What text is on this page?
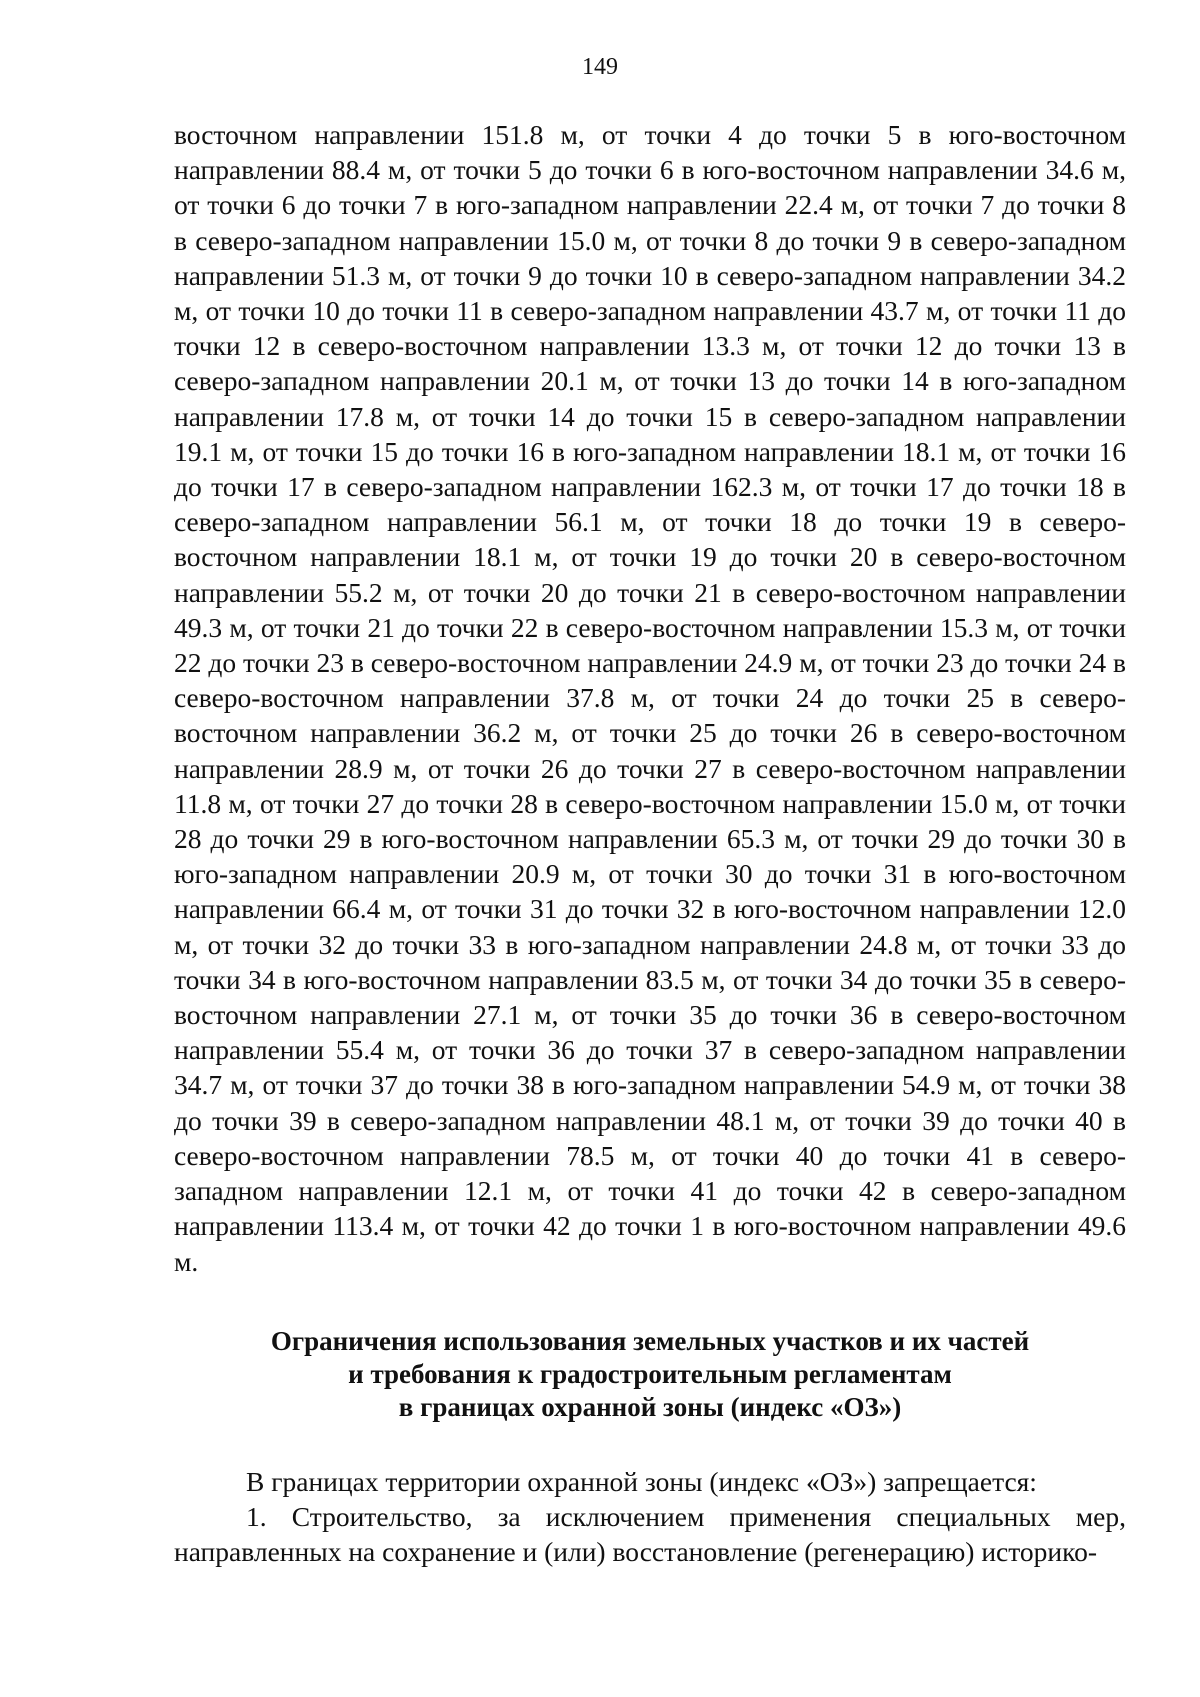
149

восточном направлении 151.8 м, от точки 4 до точки 5 в юго-восточном направлении 88.4 м, от точки 5 до точки 6 в юго-восточном направлении 34.6 м, от точки 6 до точки 7 в юго-западном направлении 22.4 м, от точки 7 до точки 8 в северо-западном направлении 15.0 м, от точки 8 до точки 9 в северо-западном направлении 51.3 м, от точки 9 до точки 10 в северо-западном направлении 34.2 м, от точки 10 до точки 11 в северо-западном направлении 43.7 м, от точки 11 до точки 12 в северо-восточном направлении 13.3 м, от точки 12 до точки 13 в северо-западном направлении 20.1 м, от точки 13 до точки 14 в юго-западном направлении 17.8 м, от точки 14 до точки 15 в северо-западном направлении 19.1 м, от точки 15 до точки 16 в юго-западном направлении 18.1 м, от точки 16 до точки 17 в северо-западном направлении 162.3 м, от точки 17 до точки 18 в северо-западном направлении 56.1 м, от точки 18 до точки 19 в северо-восточном направлении 18.1 м, от точки 19 до точки 20 в северо-восточном направлении 55.2 м, от точки 20 до точки 21 в северо-восточном направлении 49.3 м, от точки 21 до точки 22 в северо-восточном направлении 15.3 м, от точки 22 до точки 23 в северо-восточном направлении 24.9 м, от точки 23 до точки 24 в северо-восточном направлении 37.8 м, от точки 24 до точки 25 в северо-восточном направлении 36.2 м, от точки 25 до точки 26 в северо-восточном направлении 28.9 м, от точки 26 до точки 27 в северо-восточном направлении 11.8 м, от точки 27 до точки 28 в северо-восточном направлении 15.0 м, от точки 28 до точки 29 в юго-восточном направлении 65.3 м, от точки 29 до точки 30 в юго-западном направлении 20.9 м, от точки 30 до точки 31 в юго-восточном направлении 66.4 м, от точки 31 до точки 32 в юго-восточном направлении 12.0 м, от точки 32 до точки 33 в юго-западном направлении 24.8 м, от точки 33 до точки 34 в юго-восточном направлении 83.5 м, от точки 34 до точки 35 в северо-восточном направлении 27.1 м, от точки 35 до точки 36 в северо-восточном направлении 55.4 м, от точки 36 до точки 37 в северо-западном направлении 34.7 м, от точки 37 до точки 38 в юго-западном направлении 54.9 м, от точки 38 до точки 39 в северо-западном направлении 48.1 м, от точки 39 до точки 40 в северо-восточном направлении 78.5 м, от точки 40 до точки 41 в северо-западном направлении 12.1 м, от точки 41 до точки 42 в северо-западном направлении 113.4 м, от точки 42 до точки 1 в юго-восточном направлении 49.6 м.

Ограничения использования земельных участков и их частей
и требования к градостроительным регламентам
в границах охранной зоны (индекс «ОЗ»)

В границах территории охранной зоны (индекс «ОЗ») запрещается:

1. Строительство, за исключением применения специальных мер, направленных на сохранение и (или) восстановление (регенерацию) историко-
